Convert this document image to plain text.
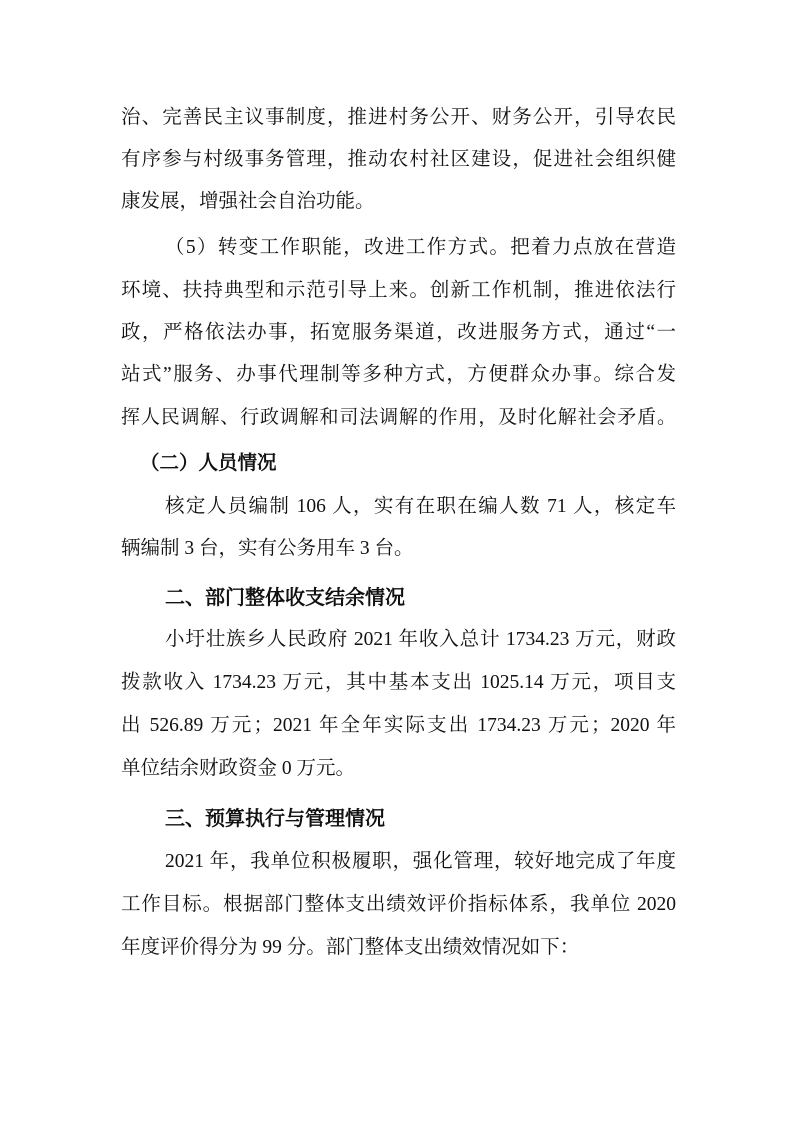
治、完善民主议事制度，推进村务公开、财务公开，引导农民
有序参与村级事务管理，推动农村社区建设，促进社会组织健
康发展，增强社会自治功能。
（5）转变工作职能，改进工作方式。把着力点放在营造
环境、扶持典型和示范引导上来。创新工作机制，推进依法行
政，严格依法办事，拓宽服务渠道，改进服务方式，通过“一
站式”服务、办事代理制等多种方式，方便群众办事。综合发
挥人民调解、行政调解和司法调解的作用，及时化解社会矛盾。
（二）人员情况
核定人员编制 106 人，实有在职在编人数 71 人，核定车
辆编制 3 台，实有公务用车 3 台。
二、部门整体收支结余情况
小圩壮族乡人民政府 2021 年收入总计 1734.23 万元，财政
拨款收入 1734.23 万元，其中基本支出 1025.14 万元，项目支
出 526.89 万元；2021 年全年实际支出 1734.23 万元；2020 年
单位结余财政资金 0 万元。
三、预算执行与管理情况
2021 年，我单位积极履职，强化管理，较好地完成了年度
工作目标。根据部门整体支出绩效评价指标体系，我单位 2020
年度评价得分为 99 分。部门整体支出绩效情况如下：
